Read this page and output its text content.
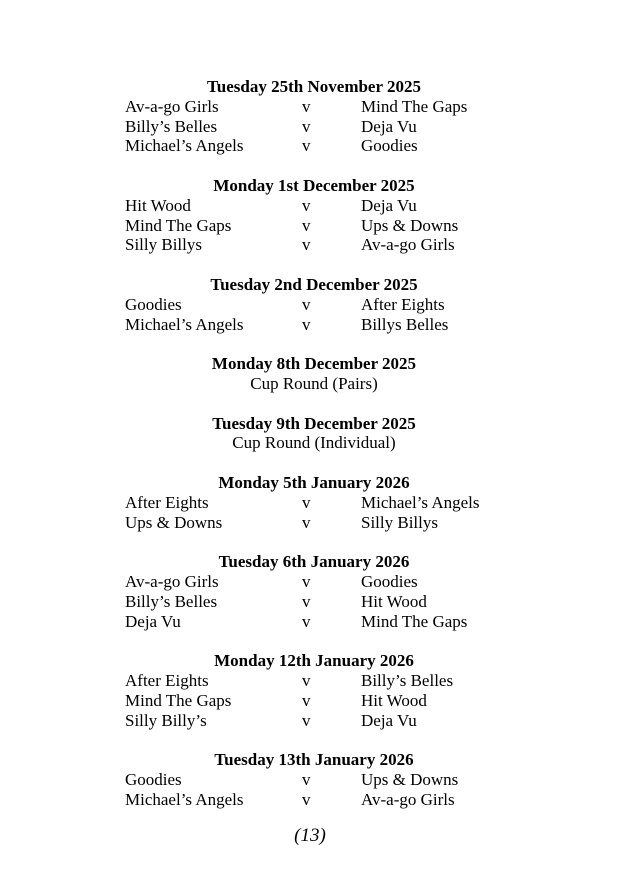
Tuesday 25th November 2025
Av-a-go Girls	v	Mind The Gaps
Billy’s Belles	v	Deja Vu
Michael’s Angels	v	Goodies
Monday 1st December 2025
Hit Wood	v	Deja Vu
Mind The Gaps	v	Ups & Downs
Silly Billys	v	Av-a-go Girls
Tuesday 2nd December 2025
Goodies	v	After Eights
Michael’s Angels	v	Billys Belles
Monday 8th December 2025
Cup Round (Pairs)
Tuesday 9th December 2025
Cup Round (Individual)
Monday 5th January 2026
After Eights	v	Michael’s Angels
Ups & Downs	v	Silly Billys
Tuesday 6th January 2026
Av-a-go Girls	v	Goodies
Billy’s Belles	v	Hit Wood
Deja Vu	v	Mind The Gaps
Monday 12th January 2026
After Eights	v	Billy’s Belles
Mind The Gaps	v	Hit Wood
Silly Billy’s	v	Deja Vu
Tuesday 13th January 2026
Goodies	v	Ups & Downs
Michael’s Angels	v	Av-a-go Girls
(13)
